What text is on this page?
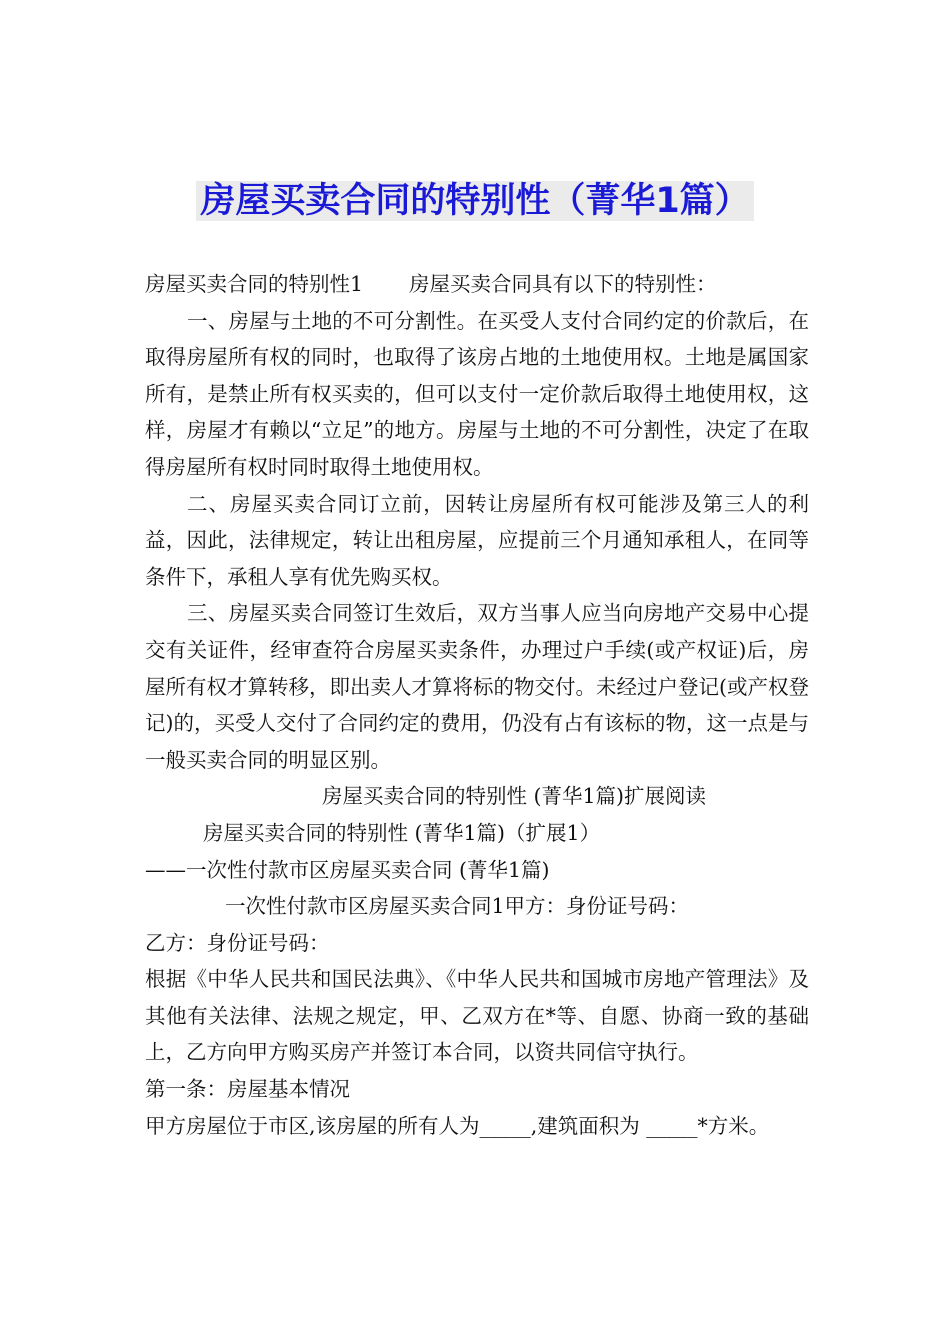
房屋买卖合同的特别性（菁华1篇）

房屋买卖合同的特别性1 房屋买卖合同具有以下的特别性：

一、房屋与土地的不可分割性。在买受人支付合同约定的价款后，在取得房屋所有权的同时，也取得了该房占地的土地使用权。土地是属国家所有，是禁止所有权买卖的，但可以支付一定价款后取得土地使用权，这样，房屋才有赖以“立足”的地方。房屋与土地的不可分割性，决定了在取得房屋所有权时同时取得土地使用权。

二、房屋买卖合同订立前，因转让房屋所有权可能涉及第三人的利益，因此，法律规定，转让出租房屋，应提前三个月通知承租人，在同等条件下，承租人享有优先购买权。

三、房屋买卖合同签订生效后，双方当事人应当向房地产交易中心提交有关证件，经审查符合房屋买卖条件，办理过户手续(或产权证)后，房屋所有权才算转移，即出卖人才算将标的物交付。未经过户登记(或产权登记)的，买受人交付了合同约定的费用，仍没有占有该标的物，这一点是与一般买卖合同的明显区别。

房屋买卖合同的特别性 (菁华1篇)扩展阅读

房屋买卖合同的特别性 (菁华1篇)（扩展1）

——一次性付款市区房屋买卖合同 (菁华1篇)

一次性付款市区房屋买卖合同1甲方：身份证号码：

乙方：身份证号码：

根据《中华人民共和国民法典》、《中华人民共和国城市房地产管理法》及其他有关法律、法规之规定，甲、乙双方在*等、自愿、协商一致的基础上，乙方向甲方购买房产并签订本合同，以资共同信守执行。

第一条：房屋基本情况

甲方房屋位于市区,该房屋的所有人为_____,建筑面积为 _____*方米。
